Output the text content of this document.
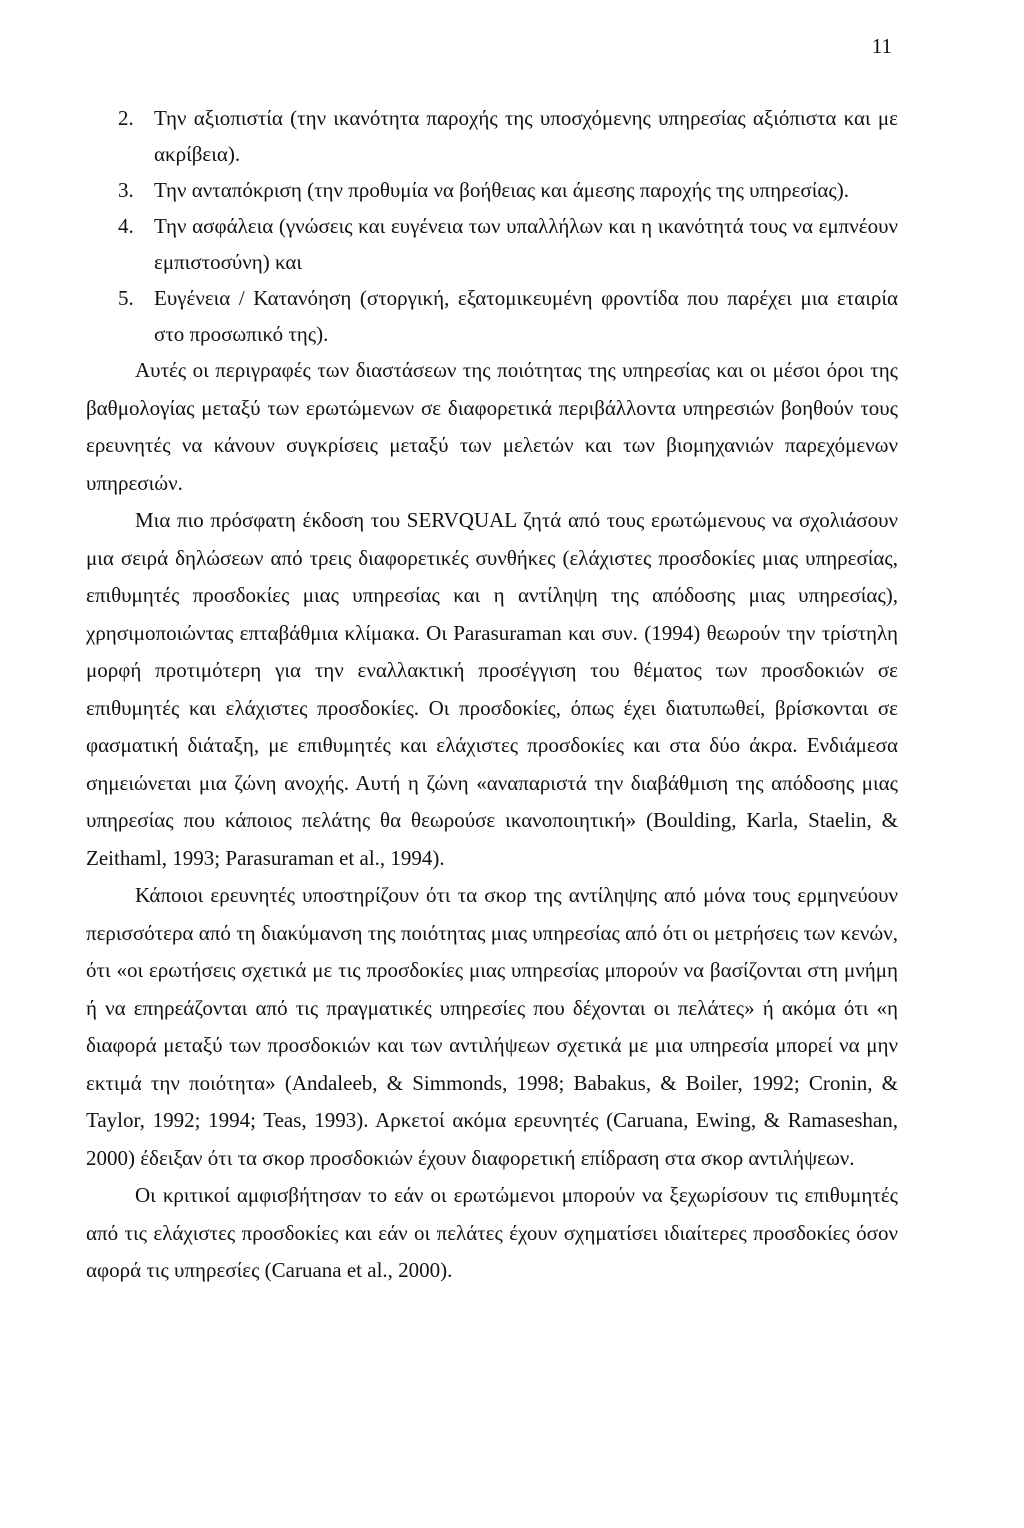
11
2. Την αξιοπιστία (την ικανότητα παροχής της υποσχόμενης υπηρεσίας αξιόπιστα και με ακρίβεια).
3. Την ανταπόκριση (την προθυμία να βοήθειας και άμεσης παροχής της υπηρεσίας).
4. Την ασφάλεια (γνώσεις και ευγένεια των υπαλλήλων και η ικανότητά τους να εμπνέουν εμπιστοσύνη) και
5. Ευγένεια / Κατανόηση (στοργική, εξατομικευμένη φροντίδα που παρέχει μια εταιρία στο προσωπικό της).

Αυτές οι περιγραφές των διαστάσεων της ποιότητας της υπηρεσίας και οι μέσοι όροι της βαθμολογίας μεταξύ των ερωτώμενων σε διαφορετικά περιβάλλοντα υπηρεσιών βοηθούν τους ερευνητές να κάνουν συγκρίσεις μεταξύ των μελετών και των βιομηχανιών παρεχόμενων υπηρεσιών.

Μια πιο πρόσφατη έκδοση του SERVQUAL ζητά από τους ερωτώμενους να σχολιάσουν μια σειρά δηλώσεων από τρεις διαφορετικές συνθήκες (ελάχιστες προσδοκίες μιας υπηρεσίας, επιθυμητές προσδοκίες μιας υπηρεσίας και η αντίληψη της απόδοσης μιας υπηρεσίας), χρησιμοποιώντας επταβάθμια κλίμακα. Οι Parasuraman και συν. (1994) θεωρούν την τρίστηλη μορφή προτιμότερη για την εναλλακτική προσέγγιση του θέματος των προσδοκιών σε επιθυμητές και ελάχιστες προσδοκίες. Οι προσδοκίες, όπως έχει διατυπωθεί, βρίσκονται σε φασματική διάταξη, με επιθυμητές και ελάχιστες προσδοκίες και στα δύο άκρα. Ενδιάμεσα σημειώνεται μια ζώνη ανοχής. Αυτή η ζώνη «αναπαριστά την διαβάθμιση της απόδοσης μιας υπηρεσίας που κάποιος πελάτης θα θεωρούσε ικανοποιητική» (Boulding, Karla, Staelin, & Zeithaml, 1993; Parasuraman et al., 1994).

Κάποιοι ερευνητές υποστηρίζουν ότι τα σκορ της αντίληψης από μόνα τους ερμηνεύουν περισσότερα από τη διακύμανση της ποιότητας μιας υπηρεσίας από ότι οι μετρήσεις των κενών, ότι «οι ερωτήσεις σχετικά με τις προσδοκίες μιας υπηρεσίας μπορούν να βασίζονται στη μνήμη ή να επηρεάζονται από τις πραγματικές υπηρεσίες που δέχονται οι πελάτες» ή ακόμα ότι «η διαφορά μεταξύ των προσδοκιών και των αντιλήψεων σχετικά με μια υπηρεσία μπορεί να μην εκτιμά την ποιότητα» (Andaleeb, & Simmonds, 1998; Babakus, & Boiler, 1992; Cronin, & Taylor, 1992; 1994; Teas, 1993). Αρκετοί ακόμα ερευνητές (Caruana, Ewing, & Ramaseshan, 2000) έδειξαν ότι τα σκορ προσδοκιών έχουν διαφορετική επίδραση στα σκορ αντιλήψεων.

Οι κριτικοί αμφισβήτησαν το εάν οι ερωτώμενοι μπορούν να ξεχωρίσουν τις επιθυμητές από τις ελάχιστες προσδοκίες και εάν οι πελάτες έχουν σχηματίσει ιδιαίτερες προσδοκίες όσον αφορά τις υπηρεσίες (Caruana et al., 2000).
